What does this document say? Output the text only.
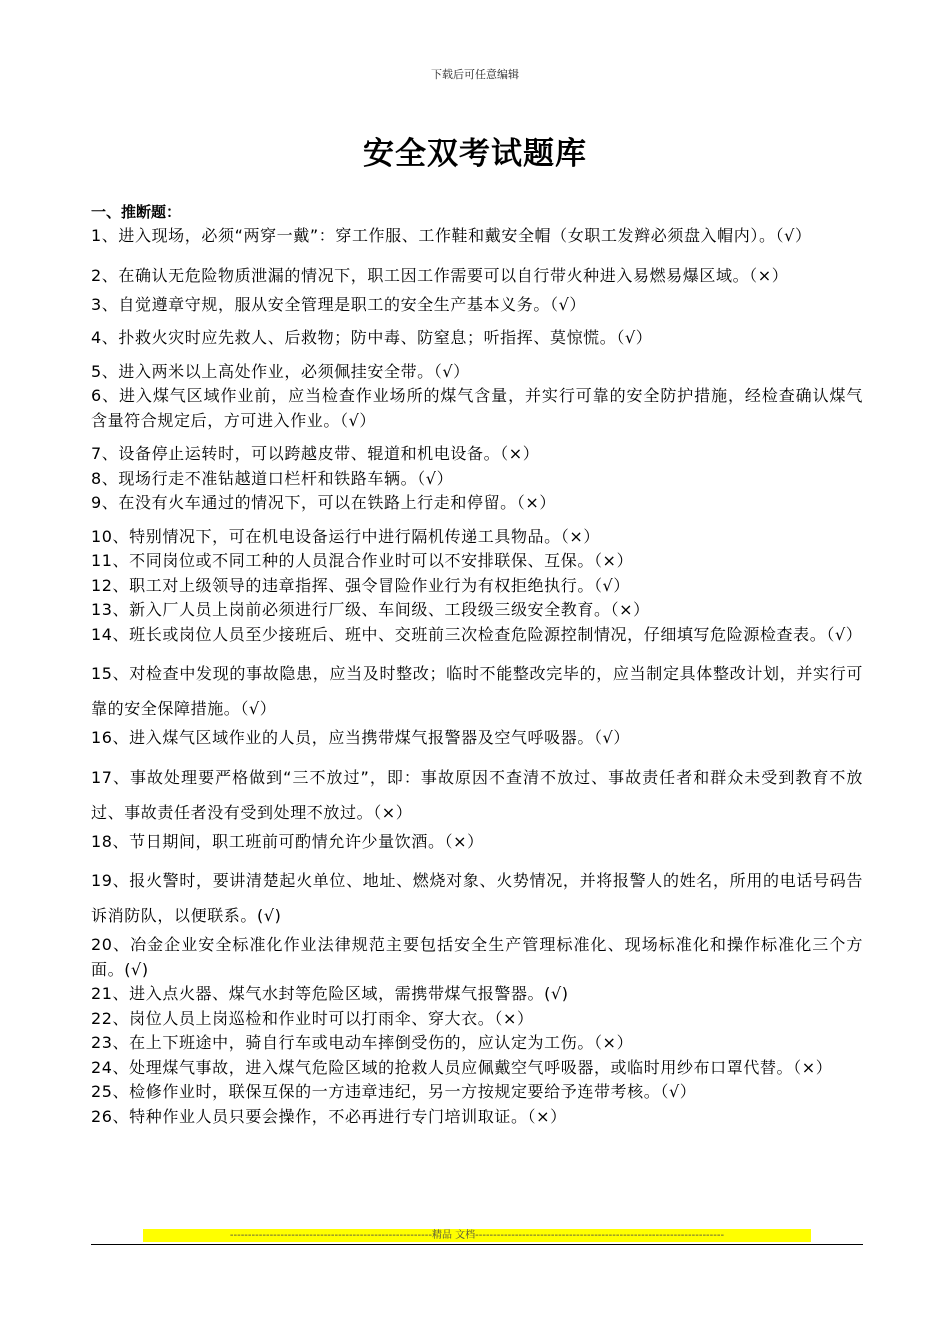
下载后可任意编辑
安全双考试题库
一、推断题：

1、进入现场，必须“两穿一戴”：穿工作服、工作鞋和戴安全帽（女职工发辫必须盘入帽内）。（√）

2、在确认无危险物质泄漏的情况下，职工因工作需要可以自行带火种进入易燃易爆区域。（×）

3、自觉遵章守规，服从安全管理是职工的安全生产基本义务。（√）

4、扑救火灾时应先救人、后救物；防中毒、防窒息；听指挥、莫惊慌。（√）

5、进入两米以上高处作业，必须佩挂安全带。（√）

6、进入煤气区域作业前，应当检查作业场所的煤气含量，并实行可靠的安全防护措施，经检查确认煤气含量符合规定后，方可进入作业。（√）

7、设备停止运转时，可以跨越皮带、辊道和机电设备。（×）

8、现场行走不准钻越道口栏杆和铁路车辆。（√）

9、在没有火车通过的情况下，可以在铁路上行走和停留。（×）

10、特别情况下，可在机电设备运行中进行隔机传递工具物品。（×）

11、不同岗位或不同工种的人员混合作业时可以不安排联保、互保。（×）

12、职工对上级领导的违章指挥、强令冒险作业行为有权拒绝执行。（√）

13、新入厂人员上岗前必须进行厂级、车间级、工段级三级安全教育。（×）

14、班长或岗位人员至少接班后、班中、交班前三次检查危险源控制情况，仔细填写危险源检查表。（√）

15、对检查中发现的事故隐患，应当及时整改；临时不能整改完毕的，应当制定具体整改计划，并实行可靠的安全保障措施。（√）

16、进入煤气区域作业的人员，应当携带煤气报警器及空气呼吸器。（√）

17、事故处理要严格做到“三不放过”，即：事故原因不查清不放过、事故责任者和群众未受到教育不放过、事故责任者没有受到处理不放过。（×）

18、节日期间，职工班前可酌情允许少量饮酒。（×）

19、报火警时，要讲清楚起火单位、地址、燃烧对象、火势情况，并将报警人的姓名，所用的电话号码告诉消防队，以便联系。(√)

20、冶金企业安全标准化作业法律规范主要包括安全生产管理标准化、现场标准化和操作标准化三个方面。(√)

21、进入点火器、煤气水封等危险区域，需携带煤气报警器。(√)

22、岗位人员上岗巡检和作业时可以打雨伞、穿大衣。（×）

23、在上下班途中，骑自行车或电动车摔倒受伤的，应认定为工伤。（×）

24、处理煤气事故，进入煤气危险区域的抢救人员应佩戴空气呼吸器，或临时用纱布口罩代替。（×）

25、检修作业时，联保互保的一方违章违纪，另一方按规定要给予连带考核。（√）

26、特种作业人员只要会操作，不必再进行专门培训取证。（×）

--------------------------------------------------------精品 文档---------------------------------------------------------------------
